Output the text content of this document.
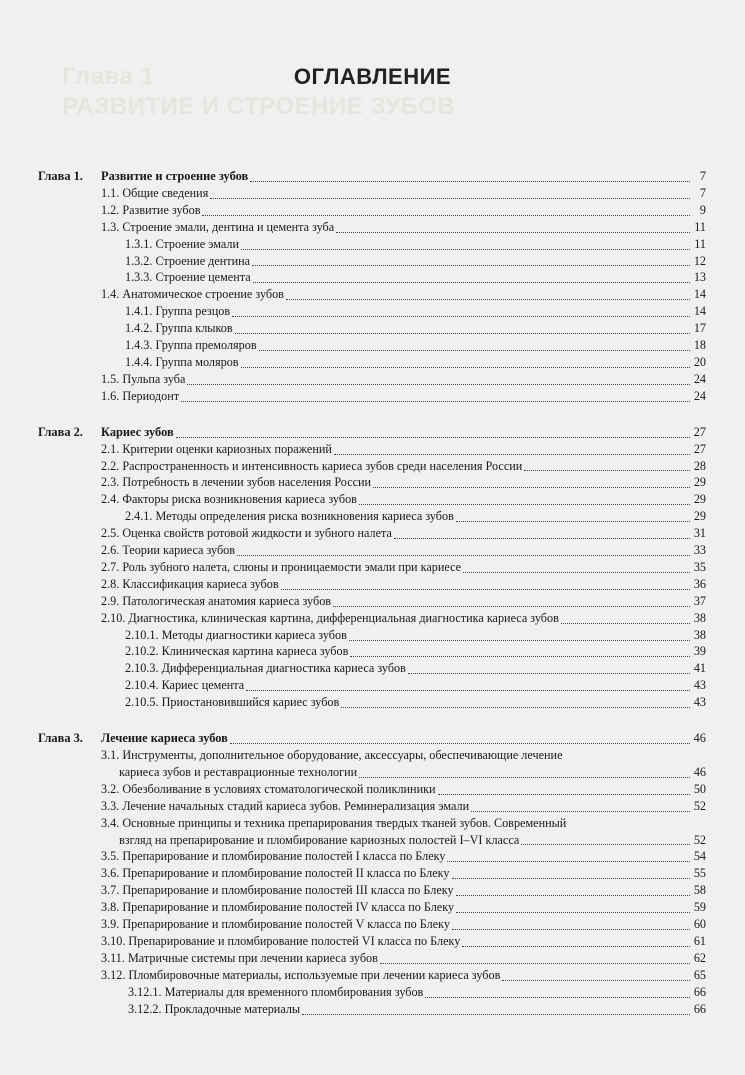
Глава 1
РАЗВИТИЕ И СТРОЕНИЕ ЗУБОВ
ОГЛАВЛЕНИЕ
Глава 1.	Развитие и строение зубов	7
1.1. Общие сведения	7
1.2. Развитие зубов	9
1.3. Строение эмали, дентина и цемента зуба	11
1.3.1. Строение эмали	11
1.3.2. Строение дентина	12
1.3.3. Строение цемента	13
1.4. Анатомическое строение зубов	14
1.4.1. Группа резцов	14
1.4.2. Группа клыков	17
1.4.3. Группа премоляров	18
1.4.4. Группа моляров	20
1.5. Пульпа зуба	24
1.6. Периодонт	24
Глава 2.	Кариес зубов	27
2.1. Критерии оценки кариозных поражений	27
2.2. Распространенность и интенсивность кариеса зубов среди населения России	28
2.3. Потребность в лечении зубов населения России	29
2.4. Факторы риска возникновения кариеса зубов	29
2.4.1. Методы определения риска возникновения кариеса зубов	29
2.5. Оценка свойств ротовой жидкости и зубного налета	31
2.6. Теории кариеса зубов	33
2.7. Роль зубного налета, слюны и проницаемости эмали при кариесе	35
2.8. Классификация кариеса зубов	36
2.9. Патологическая анатомия кариеса зубов	37
2.10. Диагностика, клиническая картина, дифференциальная диагностика кариеса зубов	38
2.10.1. Методы диагностики кариеса зубов	38
2.10.2. Клиническая картина кариеса зубов	39
2.10.3. Дифференциальная диагностика кариеса зубов	41
2.10.4. Кариес цемента	43
2.10.5. Приостановившийся кариес зубов	43
Глава 3.	Лечение кариеса зубов	46
3.1. Инструменты, дополнительное оборудование, аксессуары, обеспечивающие лечение
кариеса зубов и реставрационные технологии	46
3.2. Обезболивание в условиях стоматологической поликлиники	50
3.3. Лечение начальных стадий кариеса зубов. Реминерализация эмали	52
3.4. Основные принципы и техника препарирования твердых тканей зубов. Современный
взгляд на препарирование и пломбирование кариозных полостей I–VI класса	52
3.5. Препарирование и пломбирование полостей I класса по Блеку	54
3.6. Препарирование и пломбирование полостей II класса по Блеку	55
3.7. Препарирование и пломбирование полостей III класса по Блеку	58
3.8. Препарирование и пломбирование полостей IV класса по Блеку	59
3.9. Препарирование и пломбирование полостей V класса по Блеку	60
3.10. Препарирование и пломбирование полостей VI класса по Блеку	61
3.11. Матричные системы при лечении кариеса зубов	62
3.12. Пломбировочные материалы, используемые при лечении кариеса зубов	65
3.12.1. Материалы для временного пломбирования зубов	66
3.12.2. Прокладочные материалы	66
